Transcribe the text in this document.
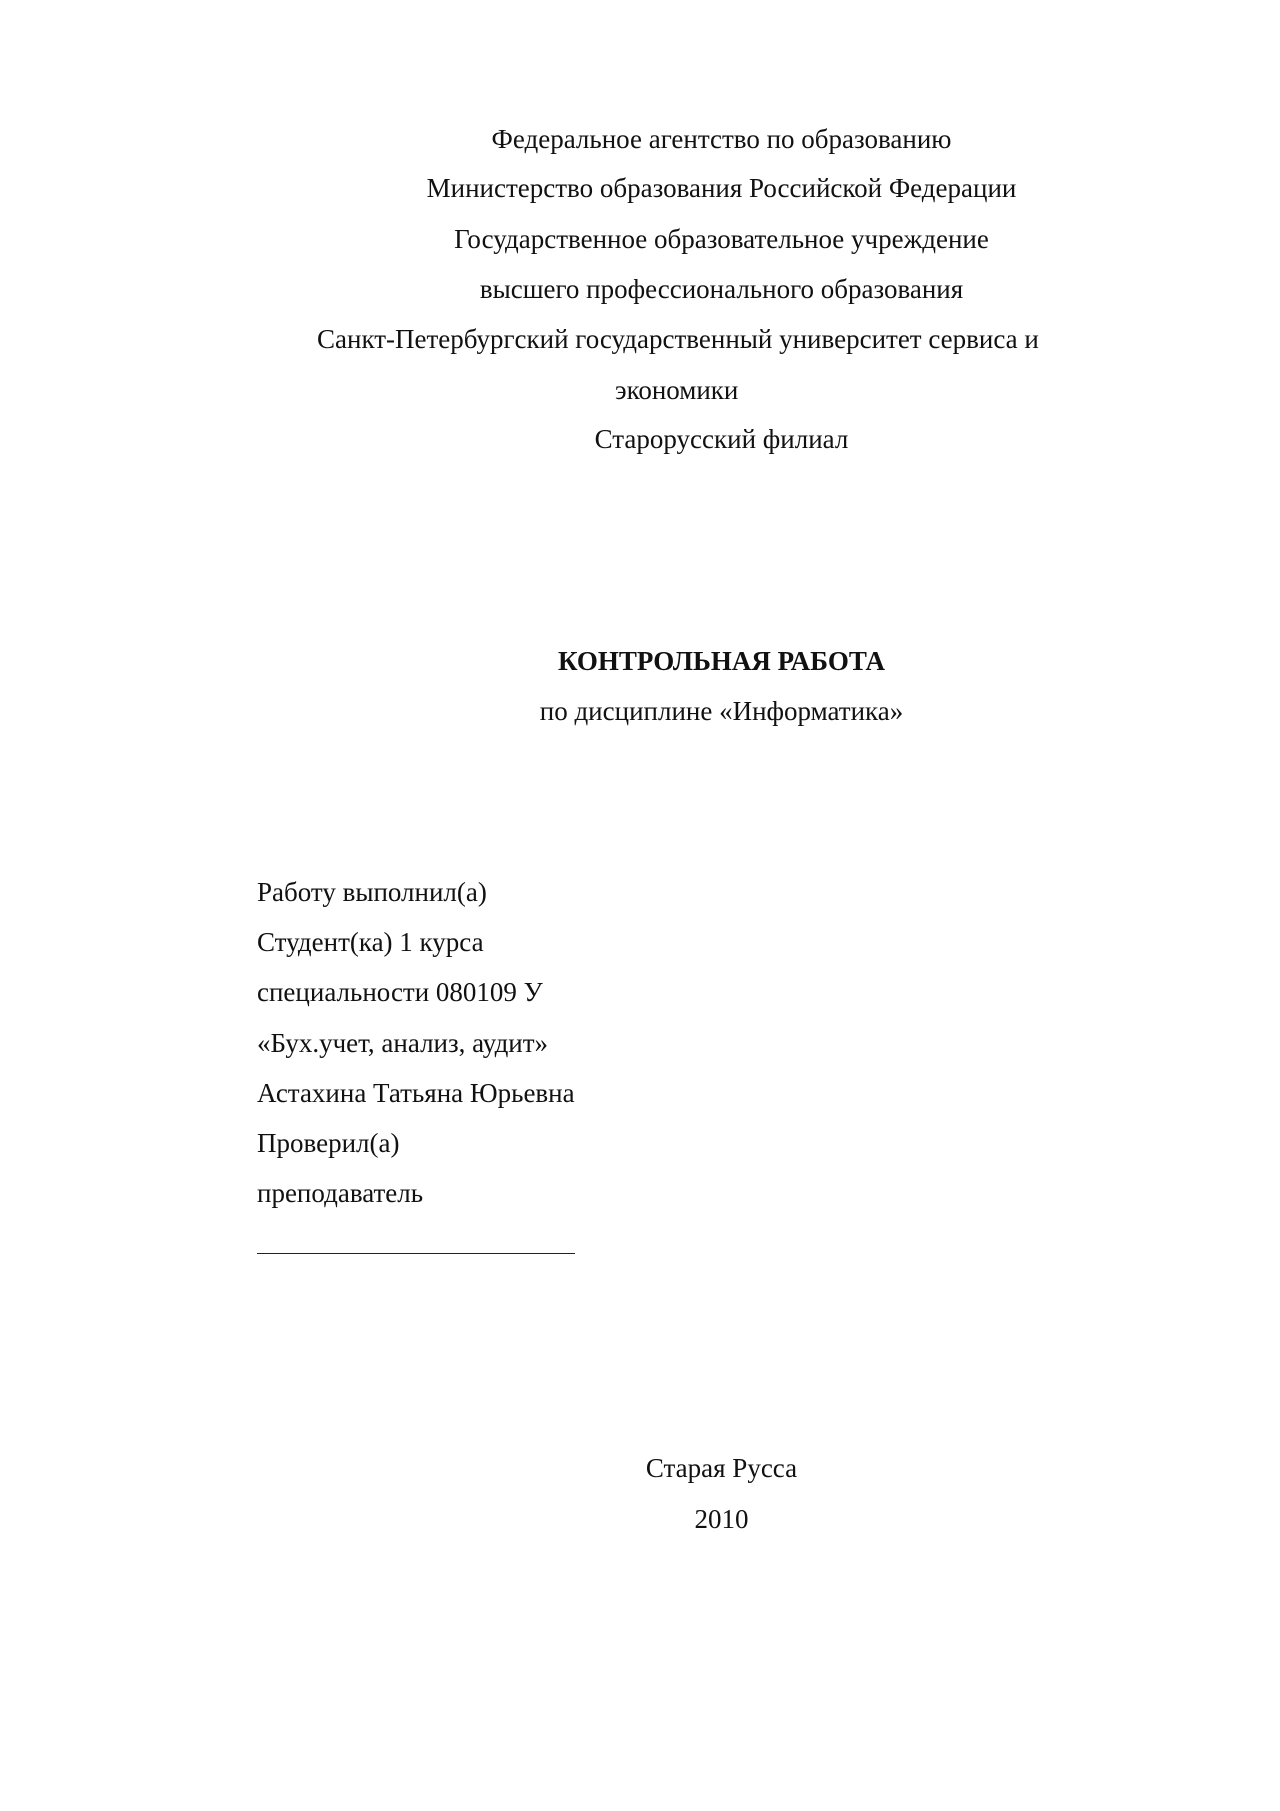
Федеральное агентство по образованию

Министерство образования Российской Федерации

Государственное образовательное учреждение

высшего профессионального образования

Санкт-Петербургский государственный университет сервиса и

экономики

Старорусский филиал

КОНТРОЛЬНАЯ РАБОТА

по дисциплине «Информатика»

Работу выполнил(а)

Студент(ка) 1 курса

специальности 080109 У

«Бух.учет, анализ, аудит»

Астахина Татьяна Юрьевна

Проверил(а)

преподаватель

Старая Русса

2010
